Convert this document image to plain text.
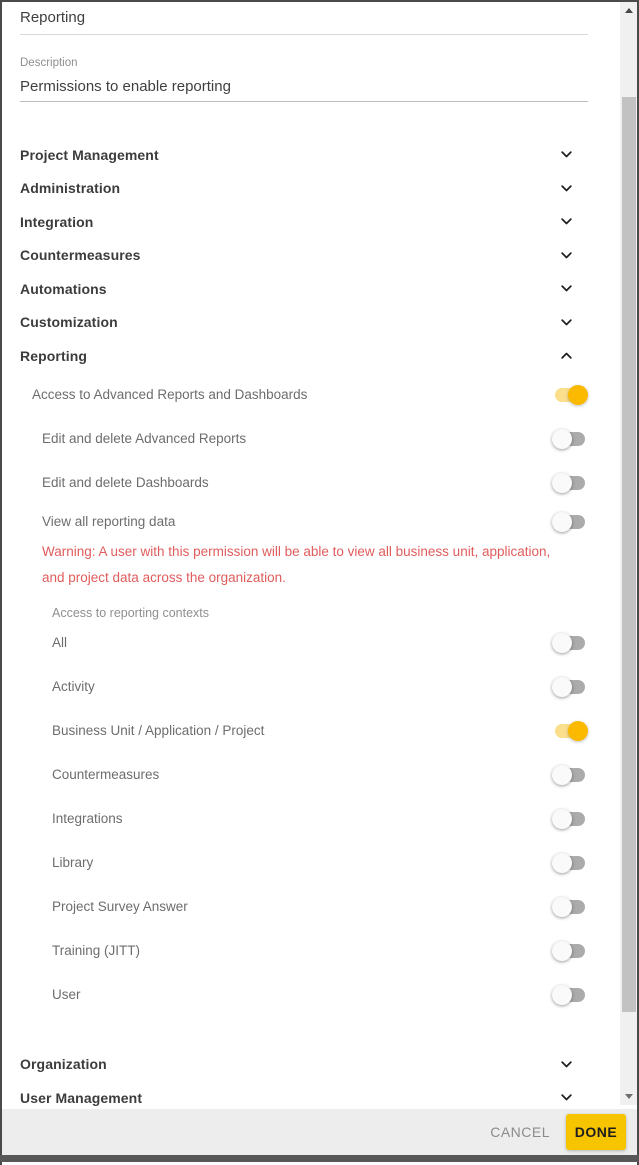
Reporting
Description
Permissions to enable reporting
Project Management
Administration
Integration
Countermeasures
Automations
Customization
Reporting
Access to Advanced Reports and Dashboards
Edit and delete Advanced Reports
Edit and delete Dashboards
View all reporting data
Warning: A user with this permission will be able to view all business unit, application, and project data across the organization.
Access to reporting contexts
All
Activity
Business Unit / Application / Project
Countermeasures
Integrations
Library
Project Survey Answer
Training (JITT)
User
Organization
User Management
CANCEL	DONE
